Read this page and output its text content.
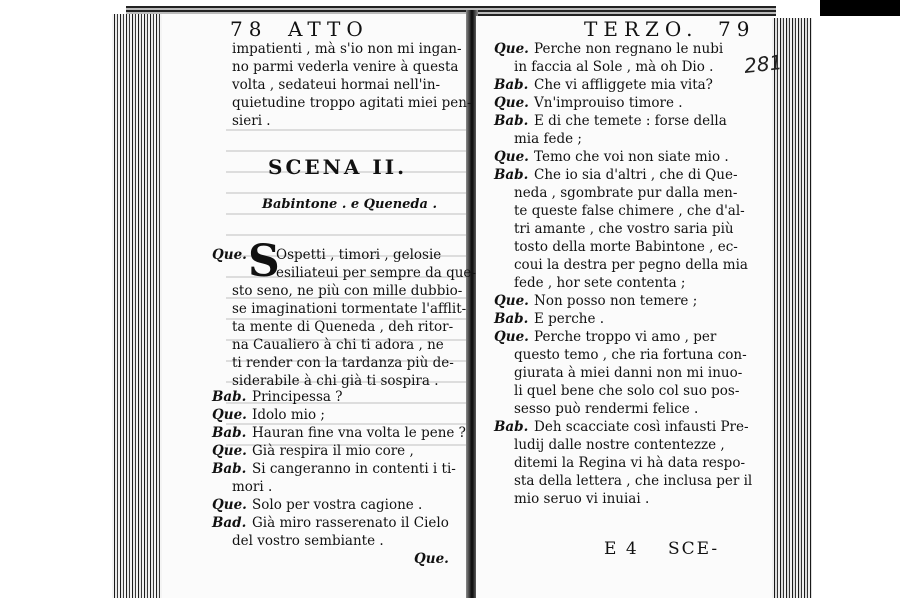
78 ATTO
impatienti , mà s'io non mi ingan-
no parmi vederla venire à questa
volta , sedateui hormai nell'in-
quietudine troppo agitati miei pen-
sieri .
SCENA II.
Babintone . e Queneda .
Que. S
Ospetti , timori , gelosie
esiliateui per sempre da que-
sto seno, ne più con mille dubbio-
se imaginationi tormentate l'afflit-
ta mente di Queneda , deh ritor-
na Caualiero à chi ti adora , ne
ti render con la tardanza più de-
siderabile à chi già ti sospira .
Bab. Principessa ?
Que. Idolo mio ;
Bab. Hauran fine vna volta le pene ?
Que. Già respira il mio core ,
Bab. Si cangeranno in contenti i ti-
mori .
Que. Solo per vostra cagione .
Bad. Già miro rasserenato il Cielo
del vostro sembiante .
Que.
TERZO. 79
281
Que. Perche non regnano le nubi
in faccia al Sole , mà oh Dio .
Bab. Che vi affliggete mia vita?
Que. Vn'improuiso timore .
Bab. E di che temete : forse della
mia fede ;
Que. Temo che voi non siate mio .
Bab. Che io sia d'altri , che di Que-
neda , sgombrate pur dalla men-
te queste false chimere , che d'al-
tri amante , che vostro saria più
tosto della morte Babintone , ec-
coui la destra per pegno della mia
fede , hor sete contenta ;
Que. Non posso non temere ;
Bab. E perche .
Que. Perche troppo vi amo , per
questo temo , che ria fortuna con-
giurata à miei danni non mi inuo-
li quel bene che solo col suo pos-
sesso può rendermi felice .
Bab. Deh scacciate così infausti Pre-
ludij dalle nostre contentezze ,
ditemi la Regina vi hà data respo-
sta della lettera , che inclusa per il
mio seruo vi inuiai .
E 4 SCE-
